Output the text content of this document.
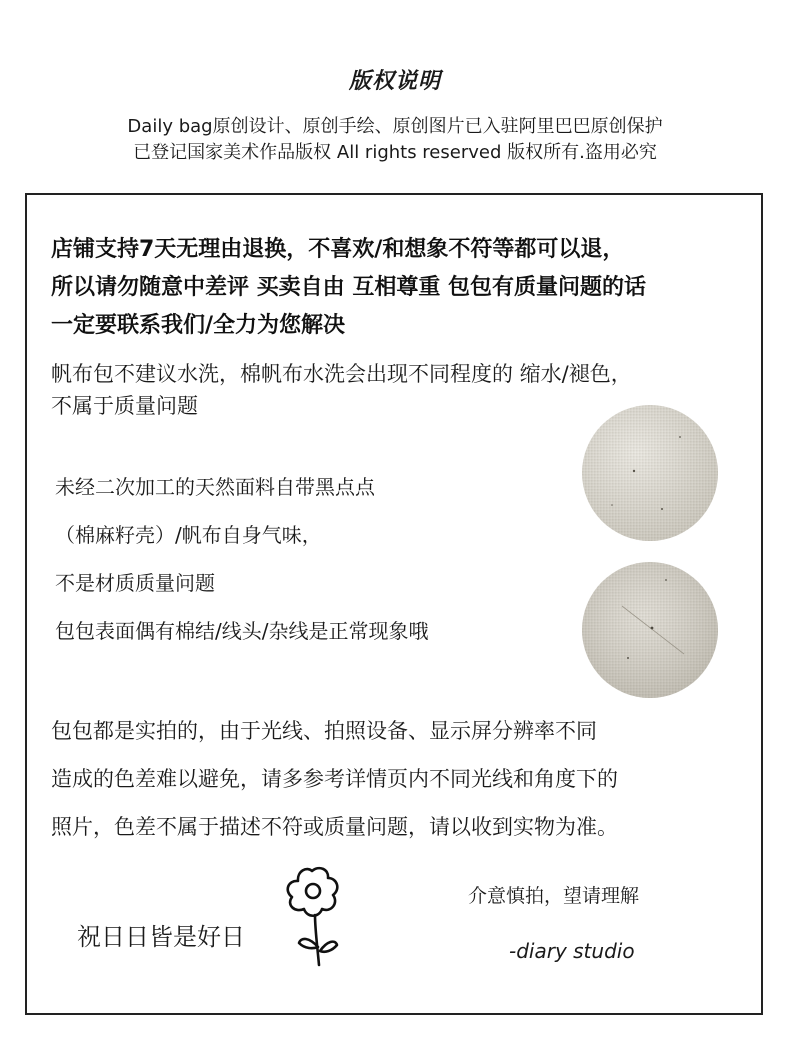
版权说明
Daily bag原创设计、原创手绘、原创图片已入驻阿里巴巴原创保护
已登记国家美术作品版权 All rights reserved 版权所有.盗用必究
店铺支持7天无理由退换，不喜欢/和想象不符等都可以退，
所以请勿随意中差评 买卖自由 互相尊重 包包有质量问题的话
一定要联系我们/全力为您解决
帆布包不建议水洗，棉帆布水洗会出现不同程度的 缩水/褪色，
不属于质量问题
未经二次加工的天然面料自带黑点点
（棉麻籽壳）/帆布自身气味，
不是材质质量问题
包包表面偶有棉结/线头/杂线是正常现象哦
包包都是实拍的，由于光线、拍照设备、显示屏分辨率不同
造成的色差难以避免，请多参考详情页内不同光线和角度下的
照片，色差不属于描述不符或质量问题，请以收到实物为准。
祝日日皆是好日
介意慎拍，望请理解
-diary studio
